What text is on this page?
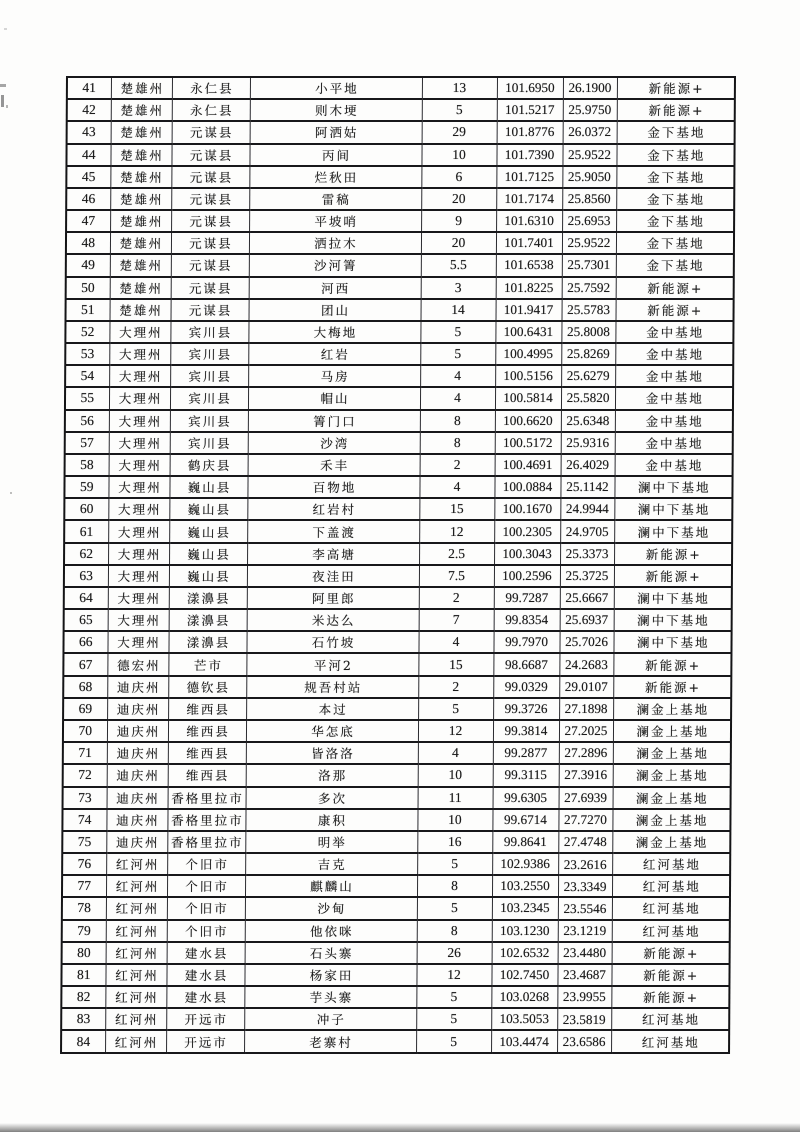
41	楚雄州	永仁县	小平地	13	101.6950	26.1900	新能源+
42	楚雄州	永仁县	则木埂	5	101.5217	25.9750	新能源+
43	楚雄州	元谋县	阿洒姑	29	101.8776	26.0372	金下基地
44	楚雄州	元谋县	丙间	10	101.7390	25.9522	金下基地
45	楚雄州	元谋县	烂秋田	6	101.7125	25.9050	金下基地
46	楚雄州	元谋县	雷稿	20	101.7174	25.8560	金下基地
47	楚雄州	元谋县	平坡哨	9	101.6310	25.6953	金下基地
48	楚雄州	元谋县	洒拉木	20	101.7401	25.9522	金下基地
49	楚雄州	元谋县	沙河箐	5.5	101.6538	25.7301	金下基地
50	楚雄州	元谋县	河西	3	101.8225	25.7592	新能源+
51	楚雄州	元谋县	团山	14	101.9417	25.5783	新能源+
52	大理州	宾川县	大梅地	5	100.6431	25.8008	金中基地
53	大理州	宾川县	红岩	5	100.4995	25.8269	金中基地
54	大理州	宾川县	马房	4	100.5156	25.6279	金中基地
55	大理州	宾川县	帽山	4	100.5814	25.5820	金中基地
56	大理州	宾川县	箐门口	8	100.6620	25.6348	金中基地
57	大理州	宾川县	沙湾	8	100.5172	25.9316	金中基地
58	大理州	鹤庆县	禾丰	2	100.4691	26.4029	金中基地
59	大理州	巍山县	百物地	4	100.0884	25.1142	澜中下基地
60	大理州	巍山县	红岩村	15	100.1670	24.9944	澜中下基地
61	大理州	巍山县	下盖渡	12	100.2305	24.9705	澜中下基地
62	大理州	巍山县	李高塘	2.5	100.3043	25.3373	新能源+
63	大理州	巍山县	夜洼田	7.5	100.2596	25.3725	新能源+
64	大理州	漾濞县	阿里郎	2	99.7287	25.6667	澜中下基地
65	大理州	漾濞县	米达么	7	99.8354	25.6937	澜中下基地
66	大理州	漾濞县	石竹坡	4	99.7970	25.7026	澜中下基地
67	德宏州	芒市	平河2	15	98.6687	24.2683	新能源+
68	迪庆州	德钦县	规吾村站	2	99.0329	29.0107	新能源+
69	迪庆州	维西县	本过	5	99.3726	27.1898	澜金上基地
70	迪庆州	维西县	华怎底	12	99.3814	27.2025	澜金上基地
71	迪庆州	维西县	皆洛洛	4	99.2877	27.2896	澜金上基地
72	迪庆州	维西县	洛那	10	99.3115	27.3916	澜金上基地
73	迪庆州	香格里拉市	多次	11	99.6305	27.6939	澜金上基地
74	迪庆州	香格里拉市	康积	10	99.6714	27.7270	澜金上基地
75	迪庆州	香格里拉市	明举	16	99.8641	27.4748	澜金上基地
76	红河州	个旧市	吉克	5	102.9386	23.2616	红河基地
77	红河州	个旧市	麒麟山	8	103.2550	23.3349	红河基地
78	红河州	个旧市	沙甸	5	103.2345	23.5546	红河基地
79	红河州	个旧市	他依咪	8	103.1230	23.1219	红河基地
80	红河州	建水县	石头寨	26	102.6532	23.4480	新能源+
81	红河州	建水县	杨家田	12	102.7450	23.4687	新能源+
82	红河州	建水县	芋头寨	5	103.0268	23.9955	新能源+
83	红河州	开远市	冲子	5	103.5053	23.5819	红河基地
84	红河州	开远市	老寨村	5	103.4474	23.6586	红河基地
